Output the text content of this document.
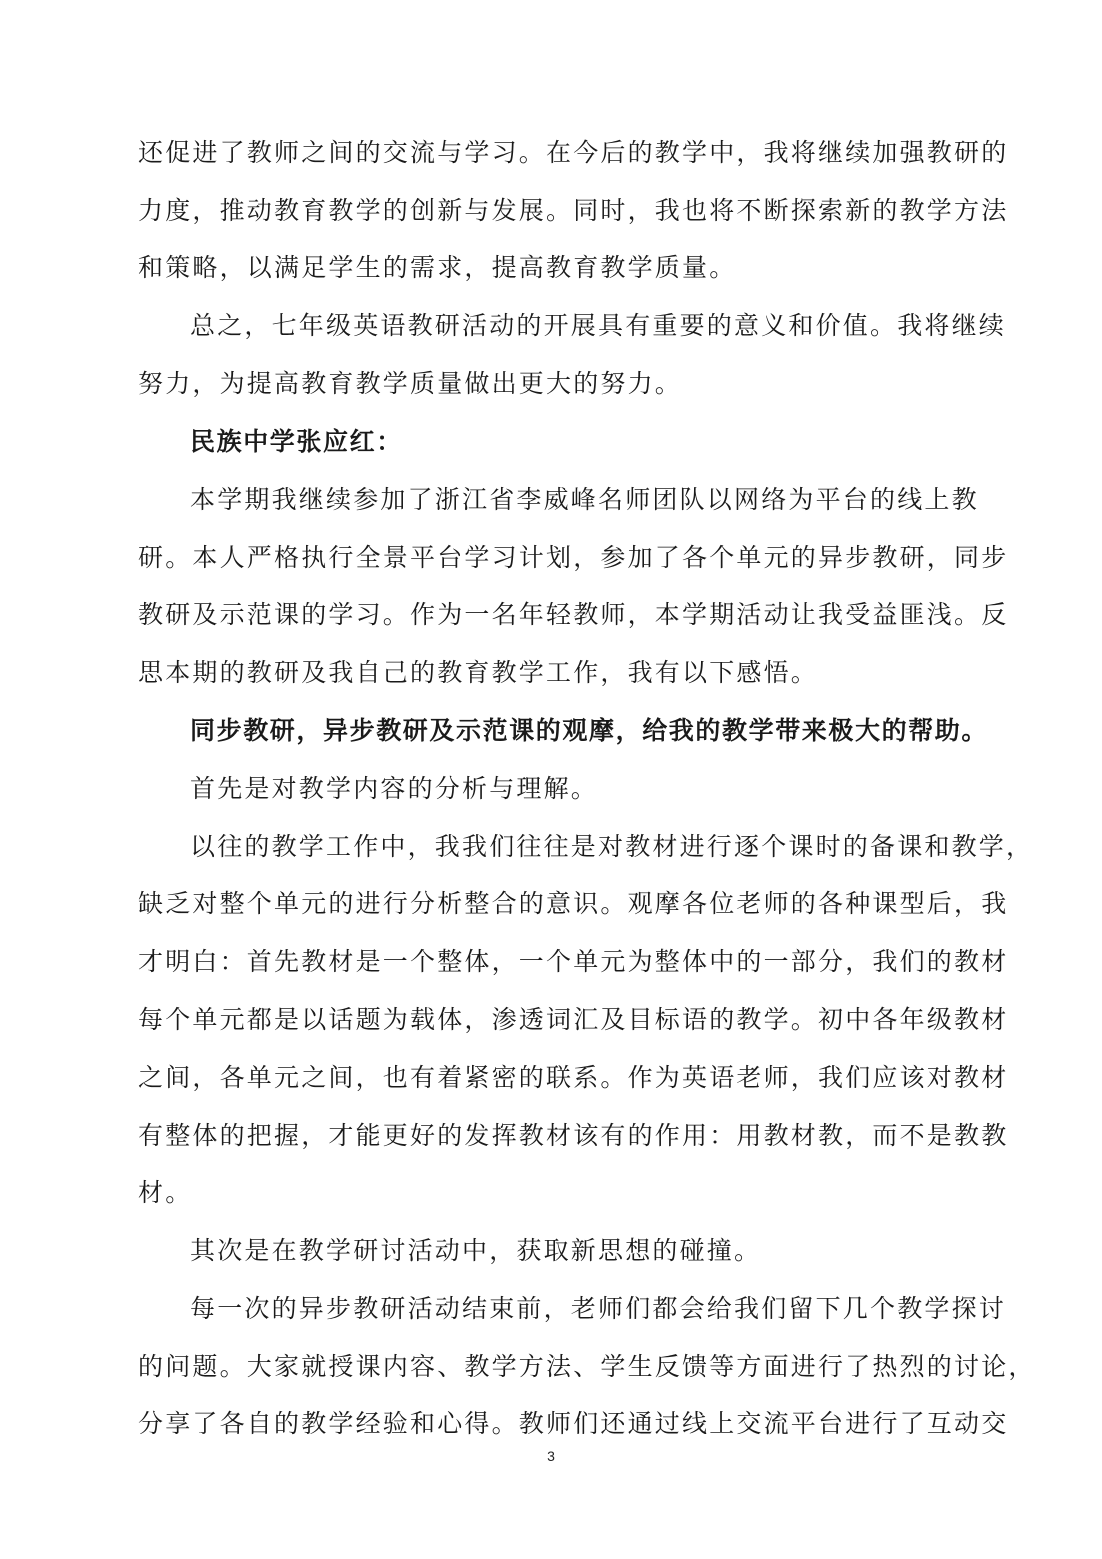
还促进了教师之间的交流与学习。在今后的教学中，我将继续加强教研的
力度，推动教育教学的创新与发展。同时，我也将不断探索新的教学方法
和策略，以满足学生的需求，提高教育教学质量。
总之，七年级英语教研活动的开展具有重要的意义和价值。我将继续
努力，为提高教育教学质量做出更大的努力。
民族中学张应红：
本学期我继续参加了浙江省李威峰名师团队以网络为平台的线上教
研。本人严格执行全景平台学习计划，参加了各个单元的异步教研，同步
教研及示范课的学习。作为一名年轻教师，本学期活动让我受益匪浅。反
思本期的教研及我自己的教育教学工作，我有以下感悟。
同步教研，异步教研及示范课的观摩，给我的教学带来极大的帮助。
首先是对教学内容的分析与理解。
以往的教学工作中，我我们往往是对教材进行逐个课时的备课和教学，
缺乏对整个单元的进行分析整合的意识。观摩各位老师的各种课型后，我
才明白：首先教材是一个整体，一个单元为整体中的一部分，我们的教材
每个单元都是以话题为载体，渗透词汇及目标语的教学。初中各年级教材
之间，各单元之间，也有着紧密的联系。作为英语老师，我们应该对教材
有整体的把握，才能更好的发挥教材该有的作用：用教材教，而不是教教
材。
其次是在教学研讨活动中，获取新思想的碰撞。
每一次的异步教研活动结束前，老师们都会给我们留下几个教学探讨
的问题。大家就授课内容、教学方法、学生反馈等方面进行了热烈的讨论，
分享了各自的教学经验和心得。教师们还通过线上交流平台进行了互动交
3
